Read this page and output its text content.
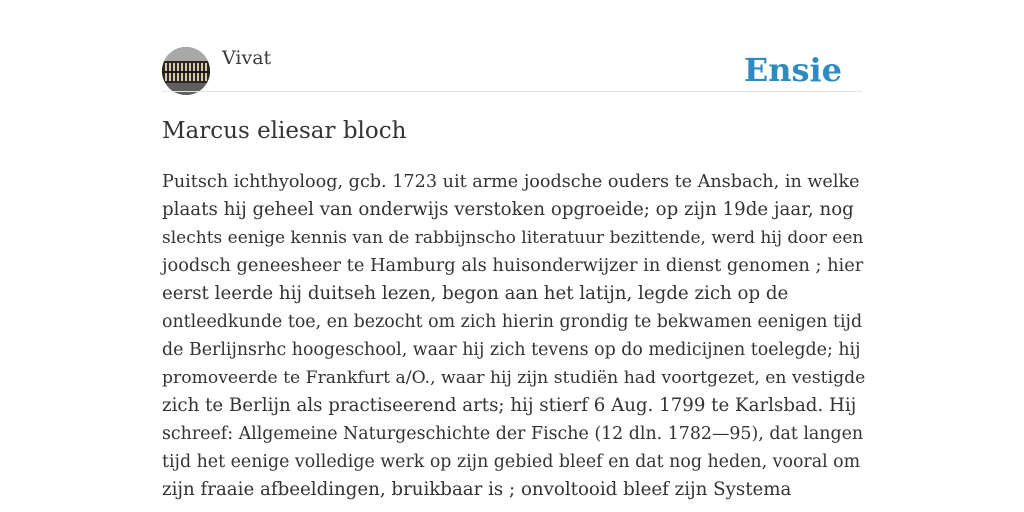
Vivat	Ensie
Marcus eliesar bloch

Puitsch ichthyoloog, gcb. 1723 uit arme joodsche ouders te Ansbach, in welke
plaats hij geheel van onderwijs verstoken opgroeide; op zijn 19de jaar, nog
slechts eenige kennis van de rabbijnscho literatuur bezittende, werd hij door een
joodsch geneesheer te Hamburg als huisonderwijzer in dienst genomen ; hier
eerst leerde hij duitseh lezen, begon aan het latijn, legde zich op de
ontleedkunde toe, en bezocht om zich hierin grondig te bekwamen eenigen tijd
de Berlijnsrhc hoogeschool, waar hij zich tevens op do medicijnen toelegde; hij
promoveerde te Frankfurt a/O., waar hij zijn studiën had voortgezet, en vestigde
zich te Berlijn als practiseerend arts; hij stierf 6 Aug. 1799 te Karlsbad. Hij
schreef: Allgemeine Naturgeschichte der Fische (12 dln. 1782—95), dat langen
tijd het eenige volledige werk op zijn gebied bleef en dat nog heden, vooral om
zijn fraaie afbeeldingen, bruikbaar is ; onvoltooid bleef zijn Systema
